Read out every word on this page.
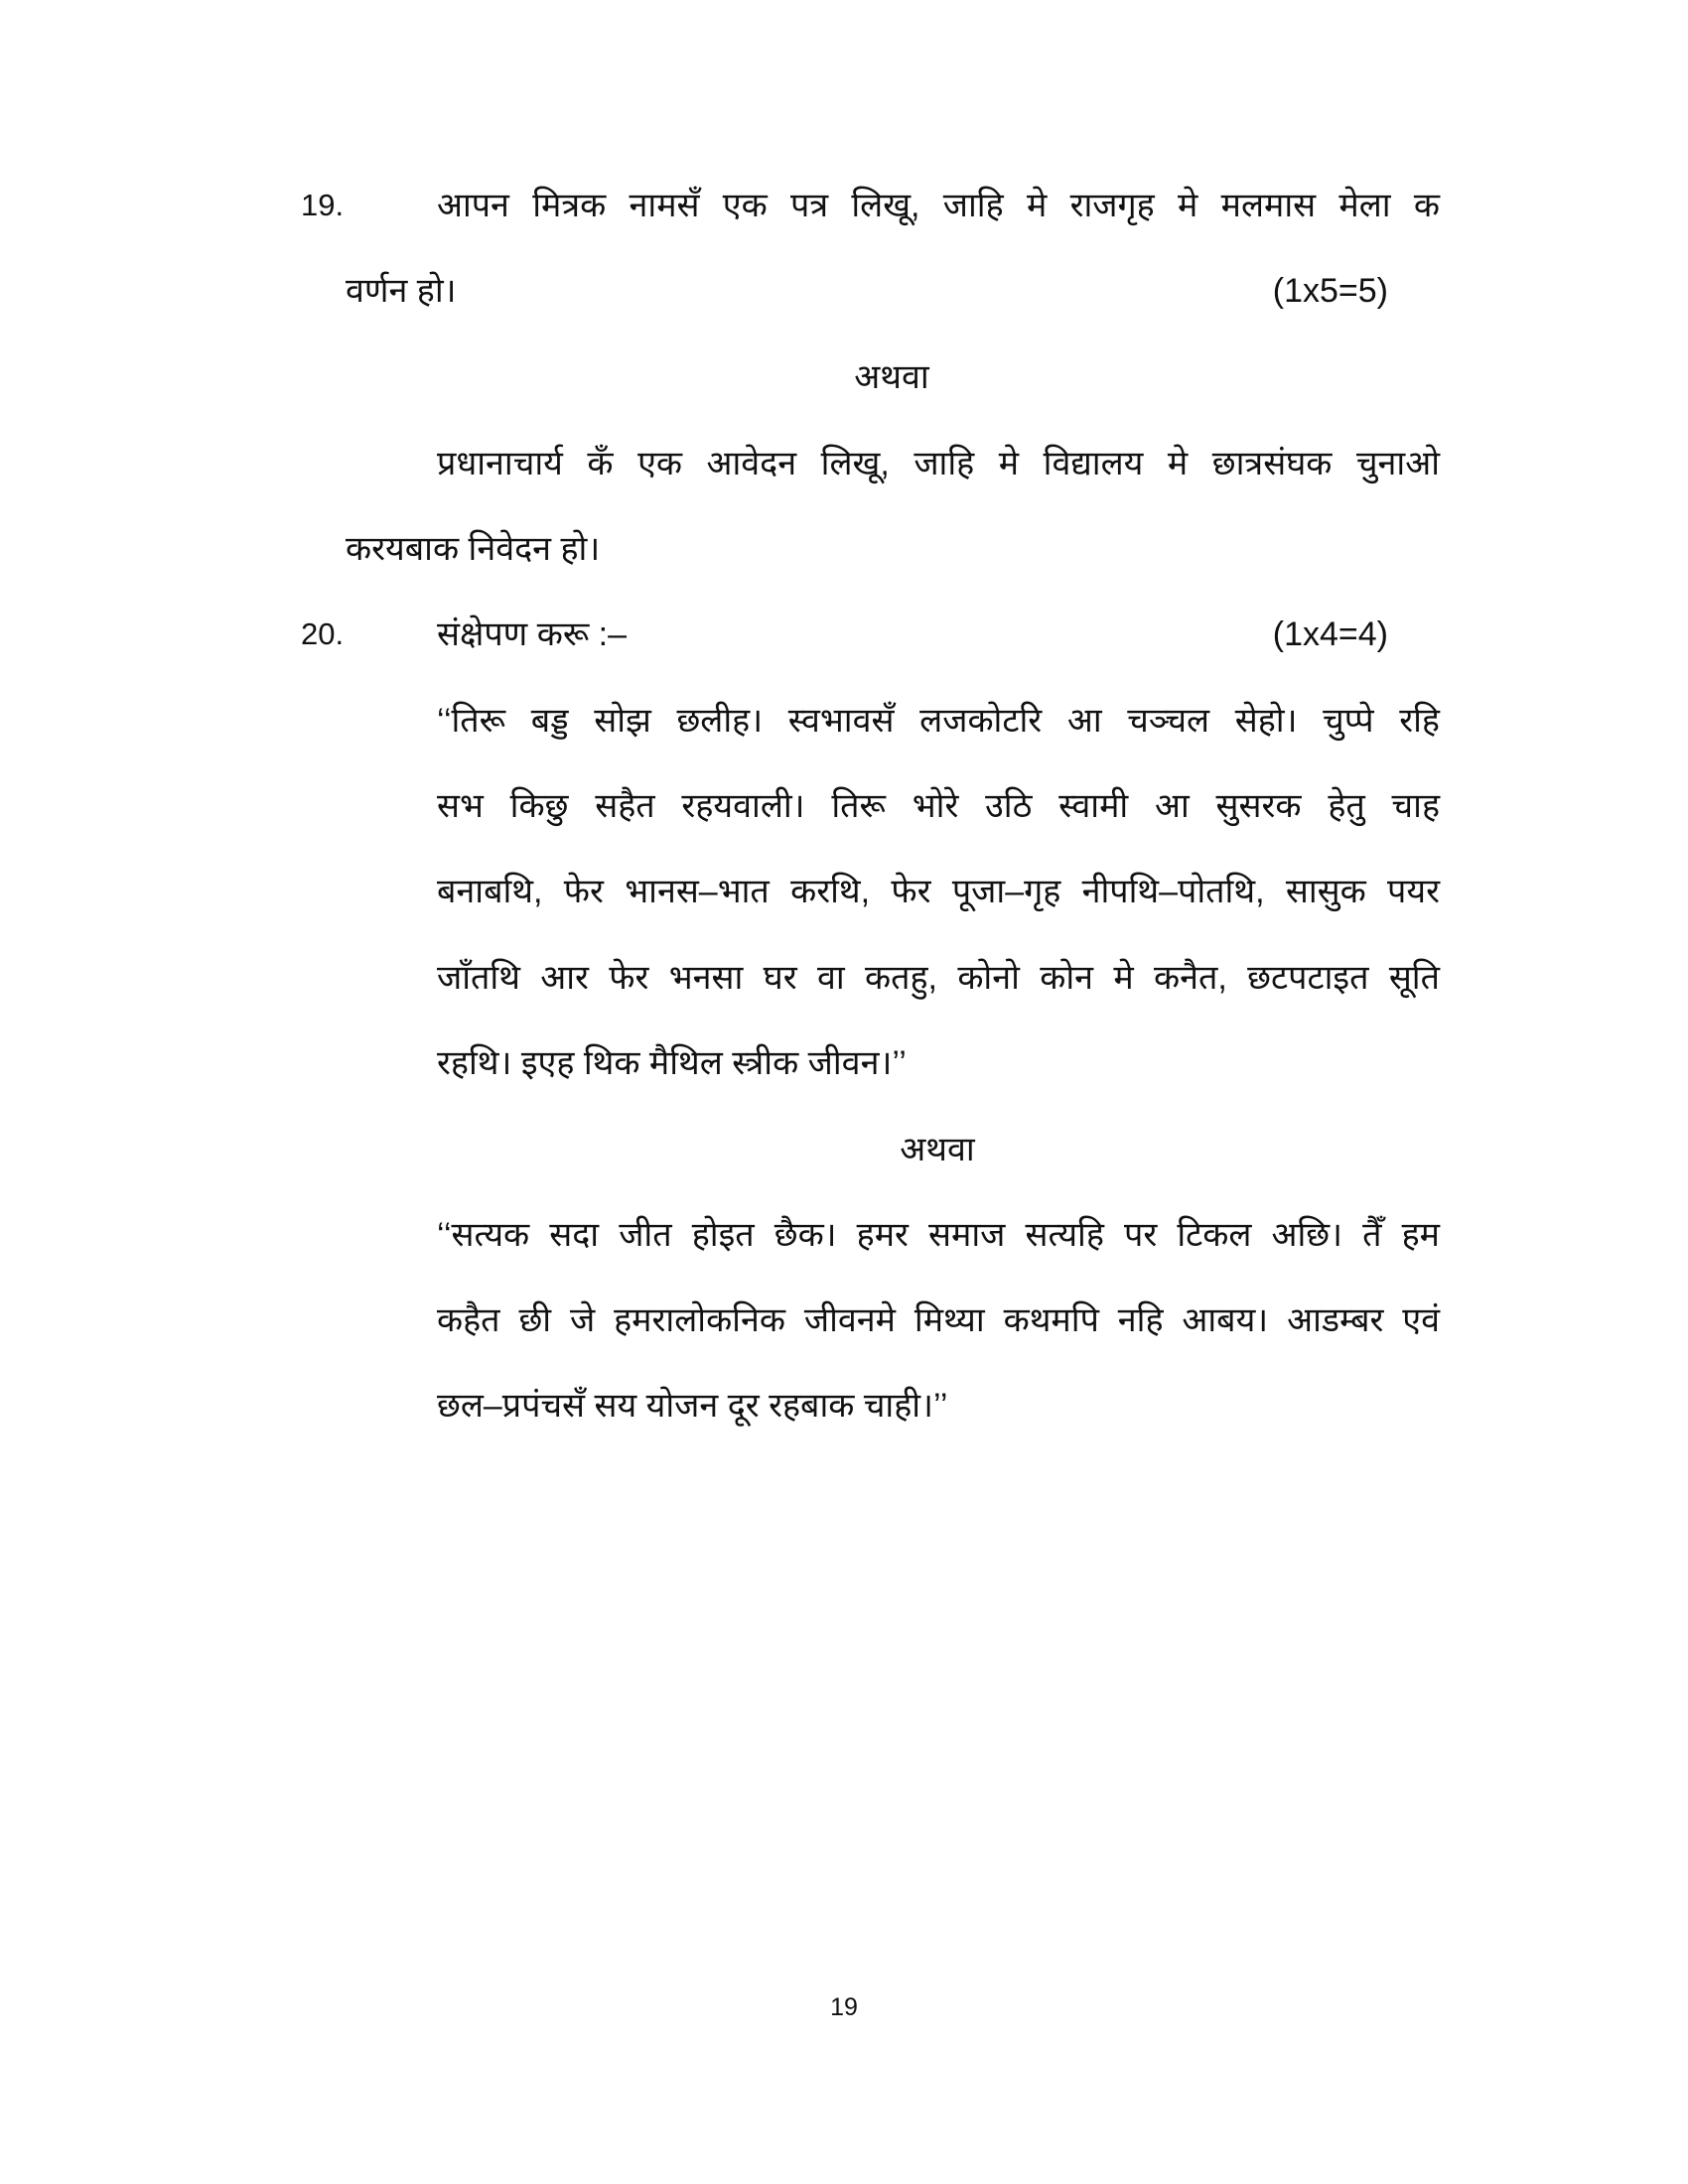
19.	आपन मित्रक नामसँ एक पत्र लिखू, जाहि मे राजगृह मे मलमास मेला क
वर्णन हो।	(1x5=5)
अथवा
प्रधानाचार्य कँ एक आवेदन लिखू, जाहि मे विद्यालय मे छात्रसंघक चुनाओ
करयबाक निवेदन हो।
20.	संक्षेपण करू :–	(1x4=4)
‘‘तिरू बड्ड सोझ छलीह। स्वभावसँ लजकोटरि आ चञ्चल सेहो। चुप्पे रहि
सभ किछु सहैत रहयवाली। तिरू भोरे उठि स्वामी आ सुसरक हेतु चाह
बनाबथि, फेर भानस–भात करथि, फेर पूजा–गृह नीपथि–पोतथि, सासुक पयर
जाँतथि आर फेर भनसा घर वा कतहु, कोनो कोन मे कनैत, छटपटाइत सूति
रहथि। इएह थिक मैथिल स्त्रीक जीवन।’’
अथवा
‘‘सत्यक सदा जीत होइत छैक। हमर समाज सत्यहि पर टिकल अछि। तैँ हम
कहैत छी जे हमरालोकनिक जीवनमे मिथ्या कथमपि नहि आबय। आडम्बर एवं
छल–प्रपंचसँ सय योजन दूर रहबाक चाही।’’
19
